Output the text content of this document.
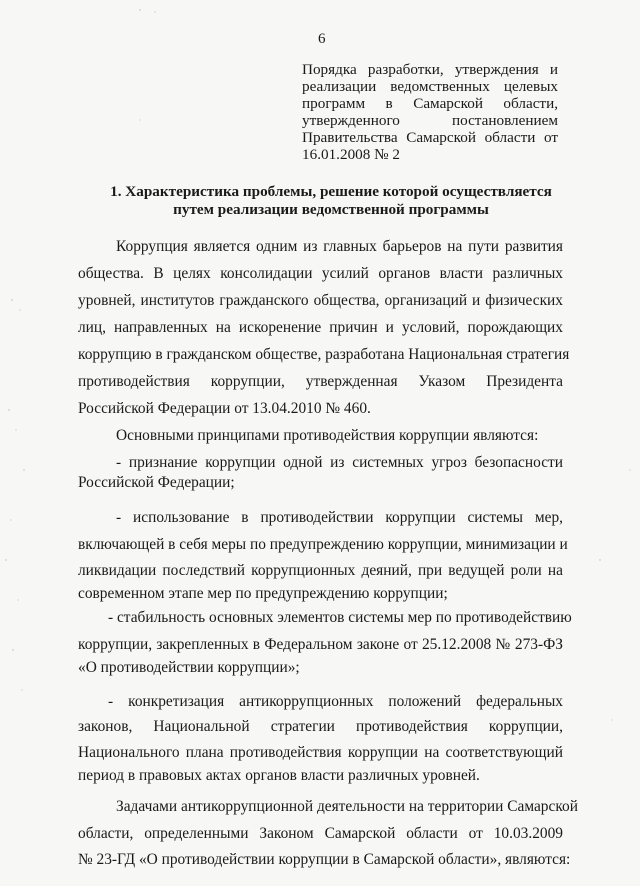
6
Порядка разработки, утверждения и
реализации ведомственных целевых
программ в Самарской области,
утвержденного постановлением
Правительства Самарской области от
16.01.2008 № 2
1. Характеристика проблемы, решение которой осуществляется
путем реализации ведомственной программы
Коррупция является одним из главных барьеров на пути развития
общества. В целях консолидации усилий органов власти различных
уровней, институтов гражданского общества, организаций и физических
лиц, направленных на искоренение причин и условий, порождающих
коррупцию в гражданском обществе, разработана Национальная стратегия
противодействия коррупции, утвержденная Указом Президента
Российской Федерации от 13.04.2010 № 460.
Основными принципами противодействия коррупции являются:
- признание коррупции одной из системных угроз безопасности
Российской Федерации;
- использование в противодействии коррупции системы мер,
включающей в себя меры по предупреждению коррупции, минимизации и
ликвидации последствий коррупционных деяний, при ведущей роли на
современном этапе мер по предупреждению коррупции;
- стабильность основных элементов системы мер по противодействию
коррупции, закрепленных в Федеральном законе от 25.12.2008 № 273-ФЗ
«О противодействии коррупции»;
- конкретизация антикоррупционных положений федеральных
законов, Национальной стратегии противодействия коррупции,
Национального плана противодействия коррупции на соответствующий
период в правовых актах органов власти различных уровней.
Задачами антикоррупционной деятельности на территории Самарской
области, определенными Законом Самарской области от 10.03.2009
№ 23-ГД «О противодействии коррупции в Самарской области», являются:
